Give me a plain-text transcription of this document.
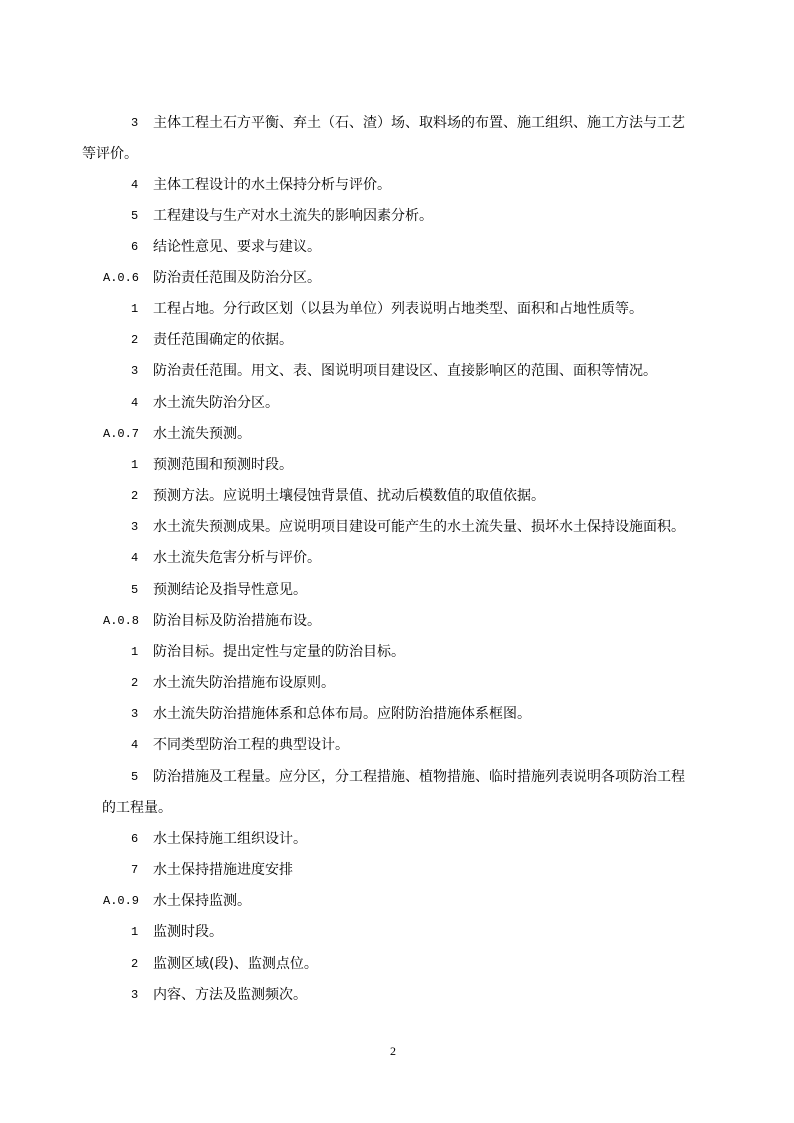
3 主体工程土石方平衡、弃土（石、渣）场、取料场的布置、施工组织、施工方法与工艺
等评价。
4 主体工程设计的水土保持分析与评价。
5 工程建设与生产对水土流失的影响因素分析。
6 结论性意见、要求与建议。
A.0.6 防治责任范围及防治分区。
1 工程占地。分行政区划（以县为单位）列表说明占地类型、面积和占地性质等。
2 责任范围确定的依据。
3 防治责任范围。用文、表、图说明项目建设区、直接影响区的范围、面积等情况。
4 水土流失防治分区。
A.0.7 水土流失预测。
1 预测范围和预测时段。
2 预测方法。应说明土壤侵蚀背景值、扰动后模数值的取值依据。
3 水土流失预测成果。应说明项目建设可能产生的水土流失量、损坏水土保持设施面积。
4 水土流失危害分析与评价。
5 预测结论及指导性意见。
A.0.8 防治目标及防治措施布设。
1 防治目标。提出定性与定量的防治目标。
2 水土流失防治措施布设原则。
3 水土流失防治措施体系和总体布局。应附防治措施体系框图。
4 不同类型防治工程的典型设计。
5 防治措施及工程量。应分区，分工程措施、植物措施、临时措施列表说明各项防治工程
的工程量。
6 水土保持施工组织设计。
7 水土保持措施进度安排
A.0.9 水土保持监测。
1 监测时段。
2 监测区域(段)、监测点位。
3 内容、方法及监测频次。
2
